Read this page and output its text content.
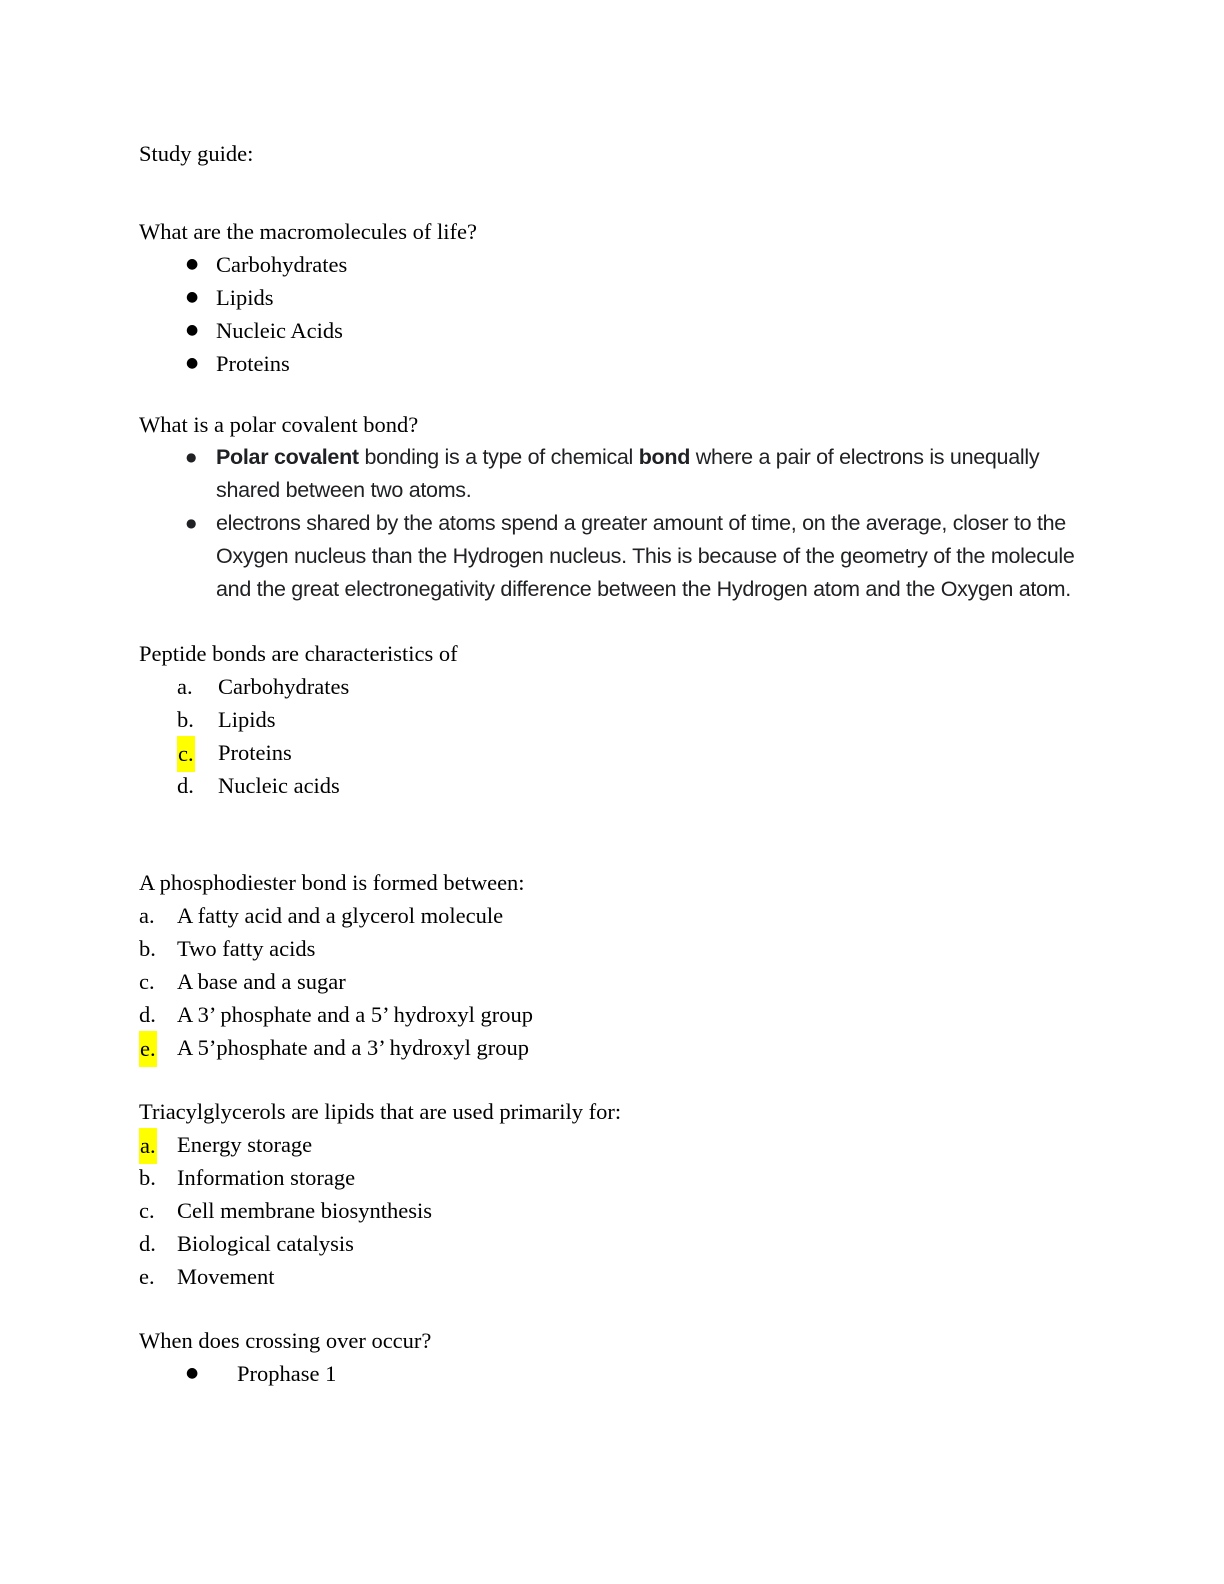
Study guide:

What are the macromolecules of life?

● Carbohydrates
● Lipids
● Nucleic Acids
● Proteins

What is a polar covalent bond?

● Polar covalent bonding is a type of chemical bond where a pair of electrons is unequally shared between two atoms.
● electrons shared by the atoms spend a greater amount of time, on the average, closer to the Oxygen nucleus than the Hydrogen nucleus. This is because of the geometry of the molecule and the great electronegativity difference between the Hydrogen atom and the Oxygen atom.

Peptide bonds are characteristics of

a. Carbohydrates
b. Lipids
c. Proteins
d. Nucleic acids

A phosphodiester bond is formed between:

a. A fatty acid and a glycerol molecule
b. Two fatty acids
c. A base and a sugar
d. A 3’ phosphate and a 5’ hydroxyl group
e. A 5’phosphate and a 3’ hydroxyl group

Triacylglycerols are lipids that are used primarily for:

a. Energy storage
b. Information storage
c. Cell membrane biosynthesis
d. Biological catalysis
e. Movement

When does crossing over occur?

● Prophase 1
